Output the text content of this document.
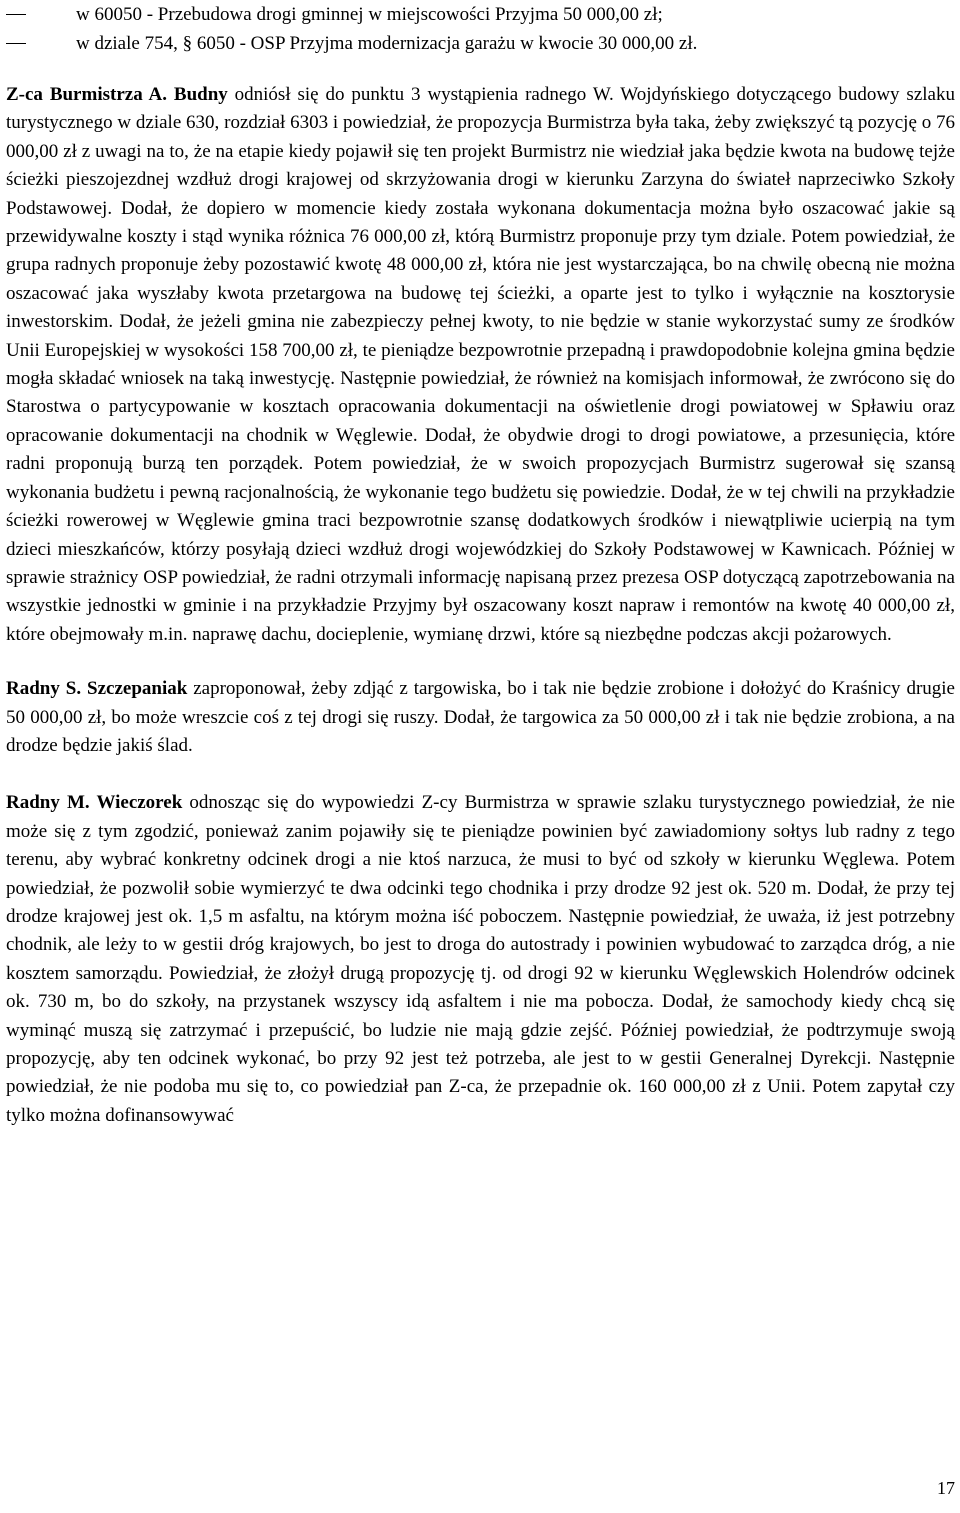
w 60050 - Przebudowa drogi gminnej w miejscowości Przyjma 50 000,00 zł;
w dziale 754, § 6050 - OSP Przyjma modernizacja garażu w kwocie 30 000,00 zł.

Z-ca Burmistrza A. Budny odniósł się do punktu 3 wystąpienia radnego W. Wojdyńskiego dotyczącego budowy szlaku turystycznego w dziale 630, rozdział 6303 i powiedział, że propozycja Burmistrza była taka, żeby zwiększyć tą pozycję o 76 000,00 zł z uwagi na to, że na etapie kiedy pojawił się ten projekt Burmistrz nie wiedział jaka będzie kwota na budowę tejże ścieżki pieszojezdnej wzdłuż drogi krajowej od skrzyżowania drogi w kierunku Zarzyna do świateł naprzeciwko Szkoły Podstawowej. Dodał, że dopiero w momencie kiedy została wykonana dokumentacja można było oszacować jakie są przewidywalne koszty i stąd wynika różnica 76 000,00 zł, którą Burmistrz proponuje przy tym dziale. Potem powiedział, że grupa radnych proponuje żeby pozostawić kwotę 48 000,00 zł, która nie jest wystarczająca, bo na chwilę obecną nie można oszacować jaka wyszłaby kwota przetargowa na budowę tej ścieżki, a oparte jest to tylko i wyłącznie na kosztorysie inwestorskim. Dodał, że jeżeli gmina nie zabezpieczy pełnej kwoty, to nie będzie w stanie wykorzystać sumy ze środków Unii Europejskiej w wysokości 158 700,00 zł, te pieniądze bezpowrotnie przepadną i prawdopodobnie kolejna gmina będzie mogła składać wniosek na taką inwestycję. Następnie powiedział, że również na komisjach informował, że zwrócono się do Starostwa o partycypowanie w kosztach opracowania dokumentacji na oświetlenie drogi powiatowej w Spławiu oraz opracowanie dokumentacji na chodnik w Węglewie. Dodał, że obydwie drogi to drogi powiatowe, a przesunięcia, które radni proponują burzą ten porządek. Potem powiedział, że w swoich propozycjach Burmistrz sugerował się szansą wykonania budżetu i pewną racjonalnością, że wykonanie tego budżetu się powiedzie. Dodał, że w tej chwili na przykładzie ścieżki rowerowej w Węglewie gmina traci bezpowrotnie szansę dodatkowych środków i niewątpliwie ucierpią na tym dzieci mieszkańców, którzy posyłają dzieci wzdłuż drogi wojewódzkiej do Szkoły Podstawowej w Kawnicach. Później w sprawie strażnicy OSP powiedział, że radni otrzymali informację napisaną przez prezesa OSP dotyczącą zapotrzebowania na wszystkie jednostki w gminie i na przykładzie Przyjmy był oszacowany koszt napraw i remontów na kwotę 40 000,00 zł, które obejmowały m.in. naprawę dachu, docieplenie, wymianę drzwi, które są niezbędne podczas akcji pożarowych.

Radny S. Szczepaniak zaproponował, żeby zdjąć z targowiska, bo i tak nie będzie zrobione i dołożyć do Kraśnicy drugie 50 000,00 zł, bo może wreszcie coś z tej drogi się ruszy. Dodał, że targowica za 50 000,00 zł i tak nie będzie zrobiona, a na drodze będzie jakiś ślad.

Radny M. Wieczorek odnosząc się do wypowiedzi Z-cy Burmistrza w sprawie szlaku turystycznego powiedział, że nie może się z tym zgodzić, ponieważ zanim pojawiły się te pieniądze powinien być zawiadomiony sołtys lub radny z tego terenu, aby wybrać konkretny odcinek drogi a nie ktoś narzuca, że musi to być od szkoły w kierunku Węglewa. Potem powiedział, że pozwolił sobie wymierzyć te dwa odcinki tego chodnika i przy drodze 92 jest ok. 520 m. Dodał, że przy tej drodze krajowej jest ok. 1,5 m asfaltu, na którym można iść poboczem. Następnie powiedział, że uważa, iż jest potrzebny chodnik, ale leży to w gestii dróg krajowych, bo jest to droga do autostrady i powinien wybudować to zarządca dróg, a nie kosztem samorządu. Powiedział, że złożył drugą propozycję tj. od drogi 92 w kierunku Węglewskich Holendrów odcinek ok. 730 m, bo do szkoły, na przystanek wszyscy idą asfaltem i nie ma pobocza. Dodał, że samochody kiedy chcą się wyminąć muszą się zatrzymać i przepuścić, bo ludzie nie mają gdzie zejść. Później powiedział, że podtrzymuje swoją propozycję, aby ten odcinek wykonać, bo przy 92 jest też potrzeba, ale jest to w gestii Generalnej Dyrekcji. Następnie powiedział, że nie podoba mu się to, co powiedział pan Z-ca, że przepadnie ok. 160 000,00 zł z Unii. Potem zapytał czy tylko można dofinansowywać

17
